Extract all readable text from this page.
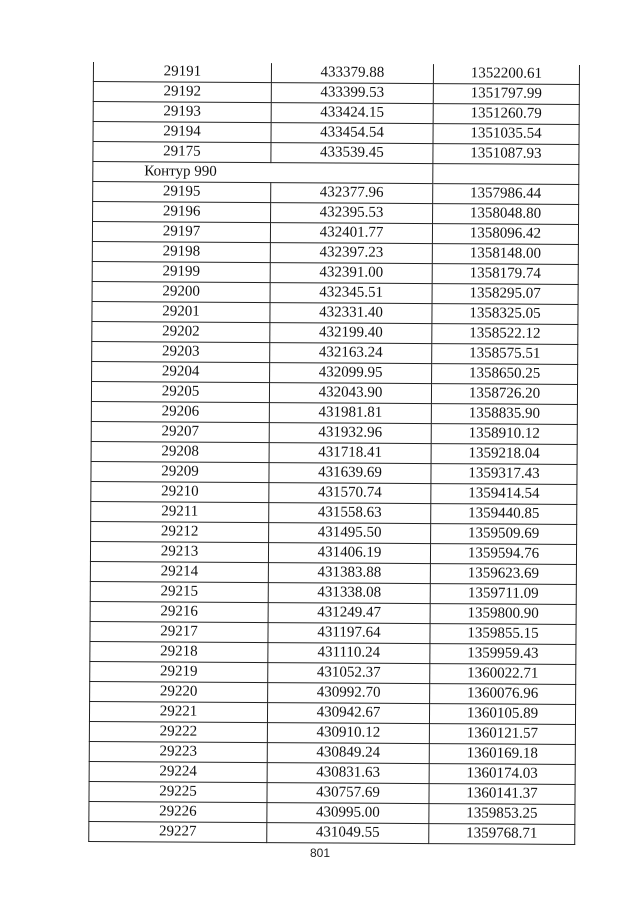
29191	433379.88	1352200.61
29192	433399.53	1351797.99
29193	433424.15	1351260.79
29194	433454.54	1351035.54
29175	433539.45	1351087.93
Контур 990		
29195	432377.96	1357986.44
29196	432395.53	1358048.80
29197	432401.77	1358096.42
29198	432397.23	1358148.00
29199	432391.00	1358179.74
29200	432345.51	1358295.07
29201	432331.40	1358325.05
29202	432199.40	1358522.12
29203	432163.24	1358575.51
29204	432099.95	1358650.25
29205	432043.90	1358726.20
29206	431981.81	1358835.90
29207	431932.96	1358910.12
29208	431718.41	1359218.04
29209	431639.69	1359317.43
29210	431570.74	1359414.54
29211	431558.63	1359440.85
29212	431495.50	1359509.69
29213	431406.19	1359594.76
29214	431383.88	1359623.69
29215	431338.08	1359711.09
29216	431249.47	1359800.90
29217	431197.64	1359855.15
29218	431110.24	1359959.43
29219	431052.37	1360022.71
29220	430992.70	1360076.96
29221	430942.67	1360105.89
29222	430910.12	1360121.57
29223	430849.24	1360169.18
29224	430831.63	1360174.03
29225	430757.69	1360141.37
29226	430995.00	1359853.25
29227	431049.55	1359768.71
801
